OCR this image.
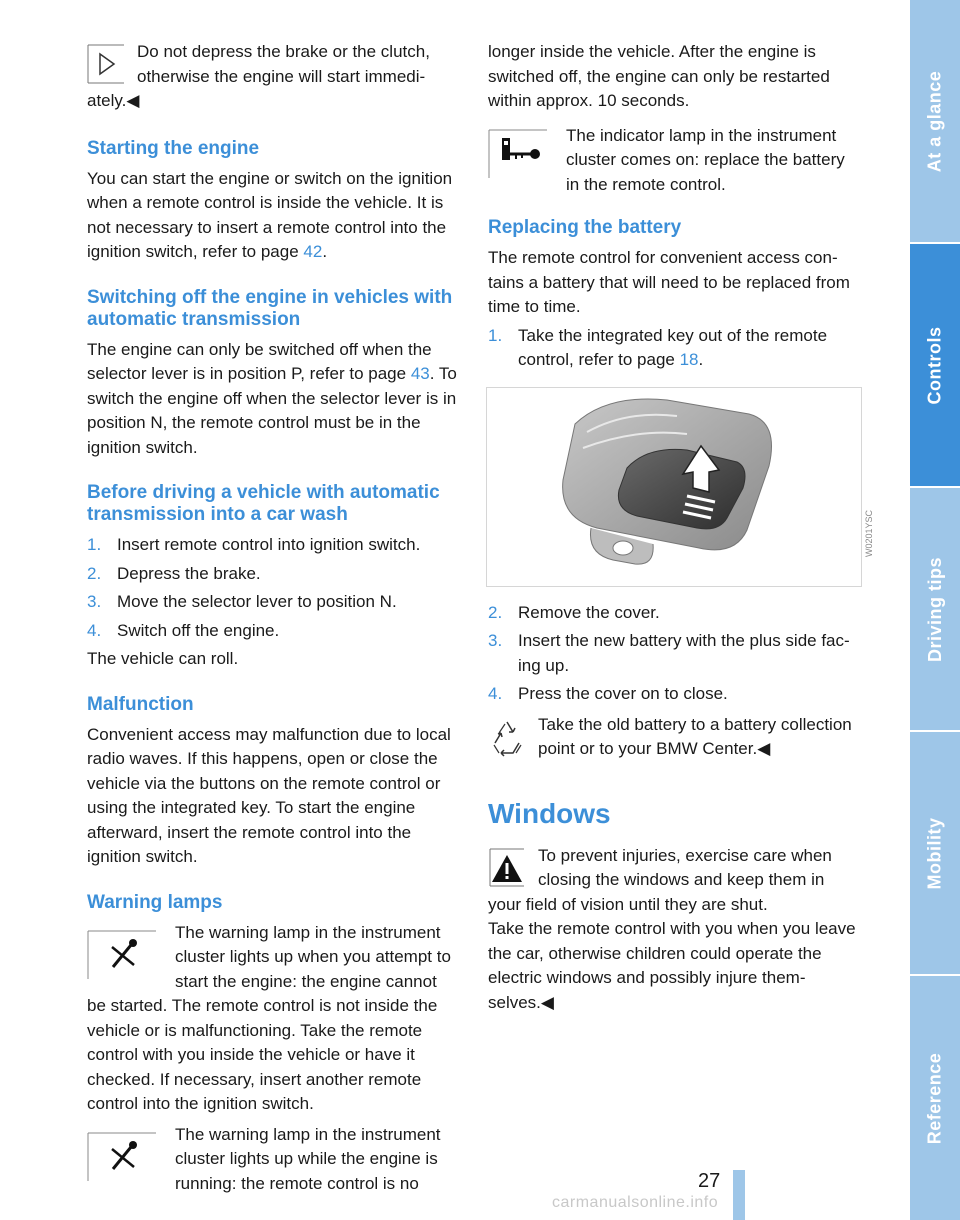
Do not depress the brake or the clutch, otherwise the engine will start immediately.◀

Starting the engine

You can start the engine or switch on the ignition when a remote control is inside the vehicle. It is not necessary to insert a remote control into the ignition switch, refer to page 42.

Switching off the engine in vehicles with automatic transmission

The engine can only be switched off when the selector lever is in position P, refer to page 43. To switch the engine off when the selector lever is in position N, the remote control must be in the ignition switch.

Before driving a vehicle with automatic transmission into a car wash
1. Insert remote control into ignition switch.
2. Depress the brake.
3. Move the selector lever to position N.
4. Switch off the engine.

The vehicle can roll.

Malfunction

Convenient access may malfunction due to local radio waves. If this happens, open or close the vehicle via the buttons on the remote control or using the integrated key. To start the engine afterward, insert the remote control into the ignition switch.

Warning lamps

The warning lamp in the instrument cluster lights up when you attempt to start the engine: the engine cannot be started. The remote control is not inside the vehicle or is malfunctioning. Take the remote control with you inside the vehicle or have it checked. If necessary, insert another remote control into the ignition switch.

The warning lamp in the instrument cluster lights up while the engine is running: the remote control is no

longer inside the vehicle. After the engine is switched off, the engine can only be restarted within approx. 10 seconds.

The indicator lamp in the instrument cluster comes on: replace the battery in the remote control.

Replacing the battery

The remote control for convenient access contains a battery that will need to be replaced from time to time.

1. Take the integrated key out of the remote control, refer to page 18.
W0201YSC
2. Remove the cover.
3. Insert the new battery with the plus side facing up.
4. Press the cover on to close.

Take the old battery to a battery collection point or to your BMW Center.◀

Windows

To prevent injuries, exercise care when closing the windows and keep them in your field of vision until they are shut.

Take the remote control with you when you leave the car, otherwise children could operate the electric windows and possibly injure themselves.◀

Reference
Mobility
Driving tips
Controls
At a glance
27
carmanualsonline.info
